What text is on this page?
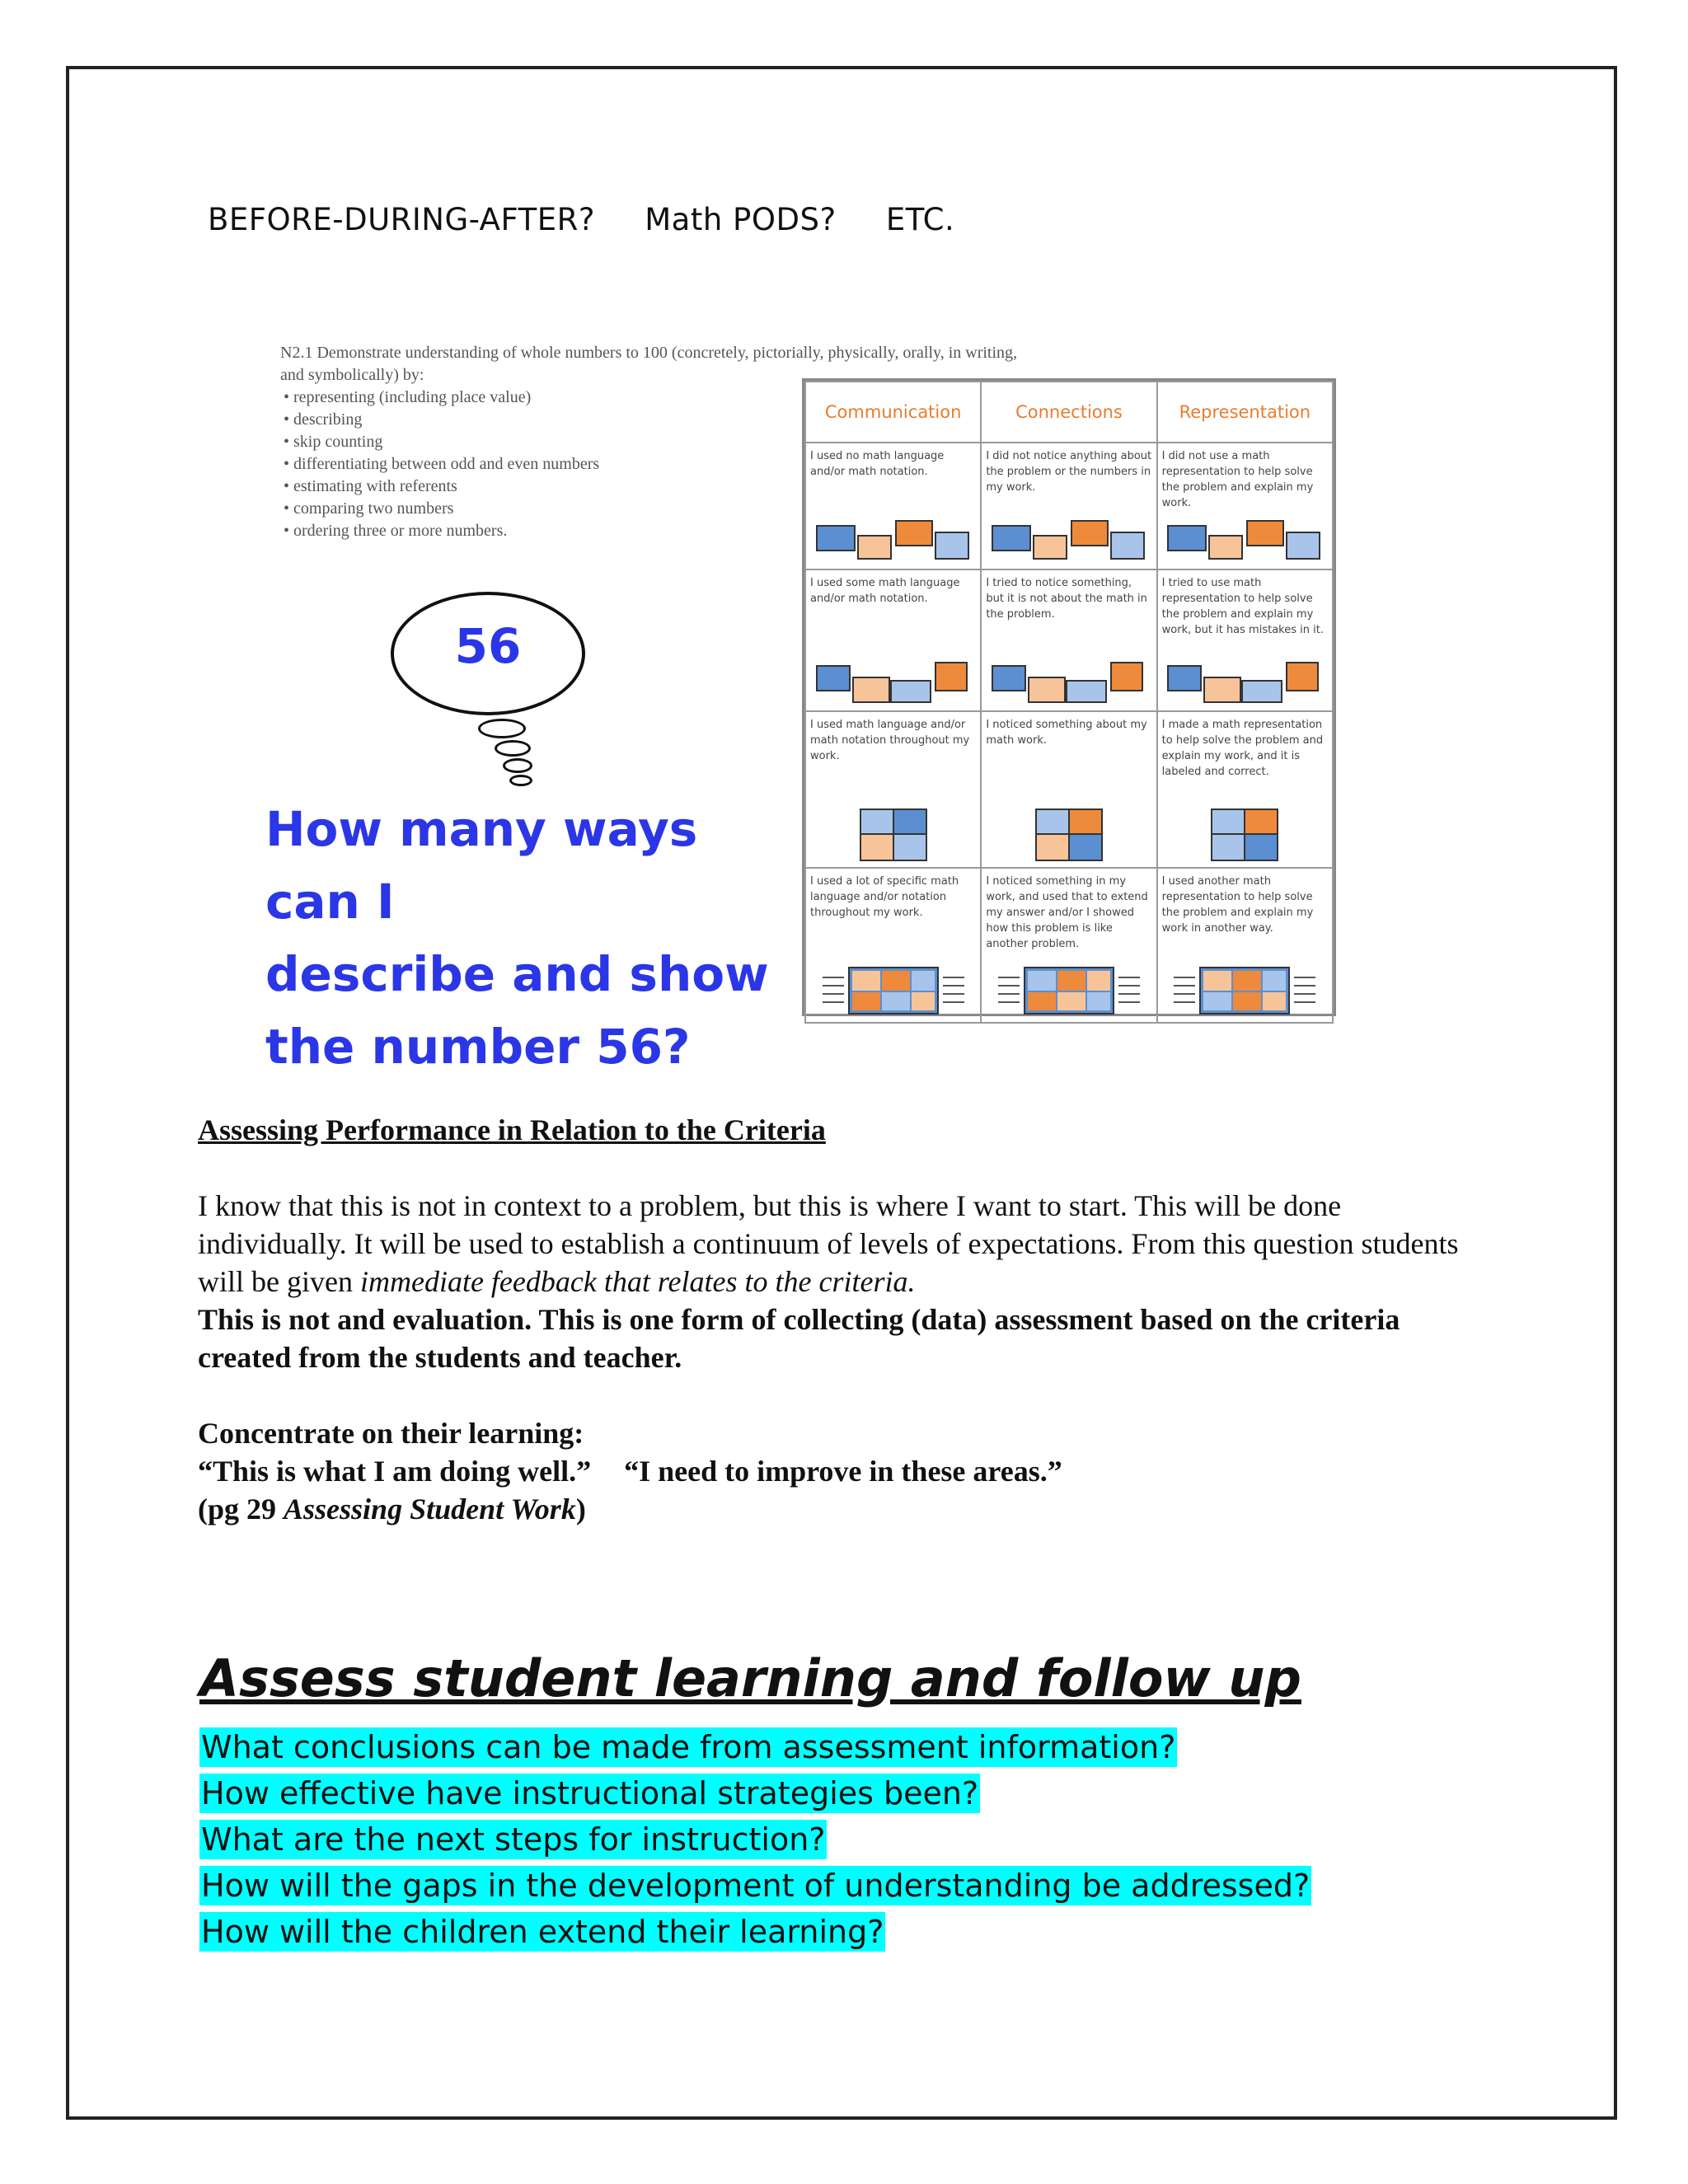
BEFORE-DURING-AFTER? Math PODS? ETC.
N2.1 Demonstrate understanding of whole numbers to 100 (concretely, pictorially, physically, orally, in writing, and symbolically) by:
• representing (including place value)
• describing
• skip counting
• differentiating between odd and even numbers
• estimating with referents
• comparing two numbers
• ordering three or more numbers.
56
How many ways can I
describe and show
the number 56?
Communication	Connections	Representation

I used no math language and/or math notation.	I did not notice anything about the problem or the numbers in my work.	I did not use a math representation to help solve the problem and explain my work.

I used some math language and/or math notation.	I tried to notice something, but it is not about the math in the problem.	I tried to use math representation to help solve the problem and explain my work, but it has mistakes in it.

I used math language and/or math notation throughout my work.	I noticed something about my math work.	I made a math representation to help solve the problem and explain my work, and it is labeled and correct.

I used a lot of specific math language and/or notation throughout my work.	I noticed something in my work, and used that to extend my answer and/or I showed how this problem is like another problem.	I used another math representation to help solve the problem and explain my work in another way.
Assessing Performance in Relation to the Criteria
I know that this is not in context to a problem, but this is where I want to start. This will be done individually. It will be used to establish a continuum of levels of expectations. From this question students will be given immediate feedback that relates to the criteria.
This is not and evaluation. This is one form of collecting (data) assessment based on the criteria created from the students and teacher.
Concentrate on their learning:
“This is what I am doing well.” “I need to improve in these areas.”
(pg 29 Assessing Student Work)
Assess student learning and follow up
What conclusions can be made from assessment information?
How effective have instructional strategies been?
What are the next steps for instruction?
How will the gaps in the development of understanding be addressed?
How will the children extend their learning?
